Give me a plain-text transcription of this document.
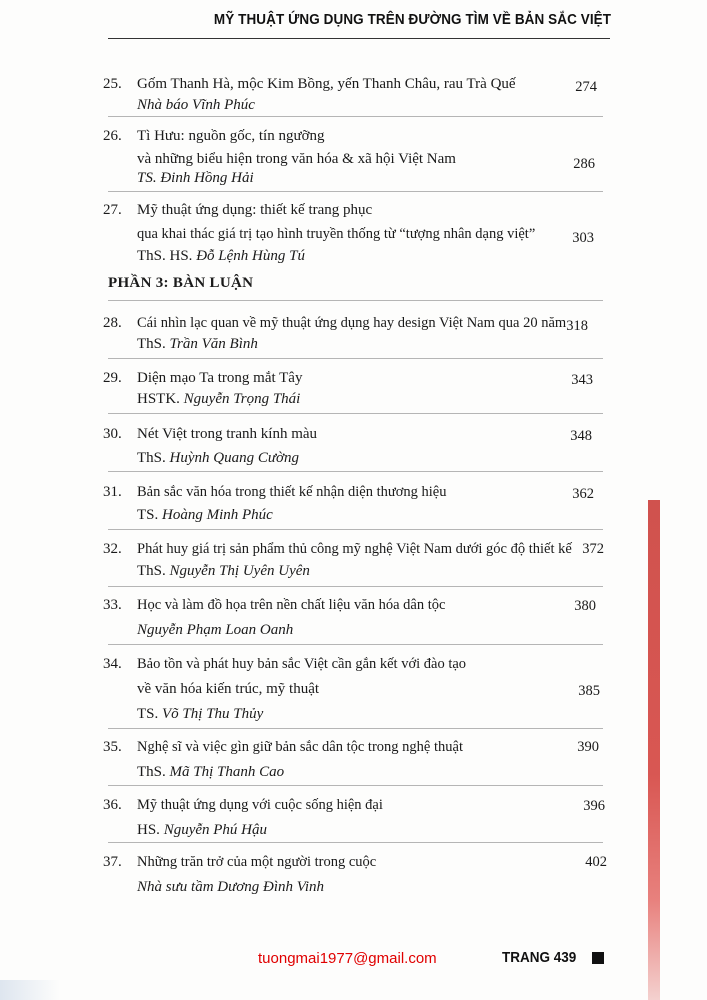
MỸ THUẬT ỨNG DỤNG TRÊN ĐƯỜNG TÌM VỀ BẢN SẮC VIỆT
25. Gốm Thanh Hà, mộc Kim Bồng, yến Thanh Châu, rau Trà Quế	274
Nhà báo Vĩnh Phúc
26. Tì Hưu: nguồn gốc, tín ngưỡng
và những biểu hiện trong văn hóa & xã hội Việt Nam	286
TS. Đinh Hồng Hải
27. Mỹ thuật ứng dụng: thiết kế trang phục
qua khai thác giá trị tạo hình truyền thống từ “tượng nhân dạng việt”	303
ThS. HS. Đỗ Lệnh Hùng Tú
PHẦN 3: BÀN LUẬN
28. Cái nhìn lạc quan về mỹ thuật ứng dụng hay design Việt Nam qua 20 năm 318
ThS. Trần Văn Bình
29. Diện mạo Ta trong mắt Tây	343
HSTK. Nguyễn Trọng Thái
30. Nét Việt trong tranh kính màu	348
ThS. Huỳnh Quang Cường
31. Bản sắc văn hóa trong thiết kế nhận diện thương hiệu	362
TS. Hoàng Minh Phúc
32. Phát huy giá trị sản phẩm thủ công mỹ nghệ Việt Nam dưới góc độ thiết kế 372
ThS. Nguyễn Thị Uyên Uyên
33. Học và làm đồ họa trên nền chất liệu văn hóa dân tộc	380
Nguyễn Phạm Loan Oanh
34. Bảo tồn và phát huy bản sắc Việt cần gắn kết với đào tạo
về văn hóa kiến trúc, mỹ thuật	385
TS. Võ Thị Thu Thủy
35. Nghệ sĩ và việc gìn giữ bản sắc dân tộc trong nghệ thuật	390
ThS. Mã Thị Thanh Cao
36. Mỹ thuật ứng dụng với cuộc sống hiện đại	396
HS. Nguyễn Phú Hậu
37. Những trăn trở của một người trong cuộc	402
Nhà sưu tầm Dương Đình Vinh
tuongmai1977@gmail.com	TRANG 439
